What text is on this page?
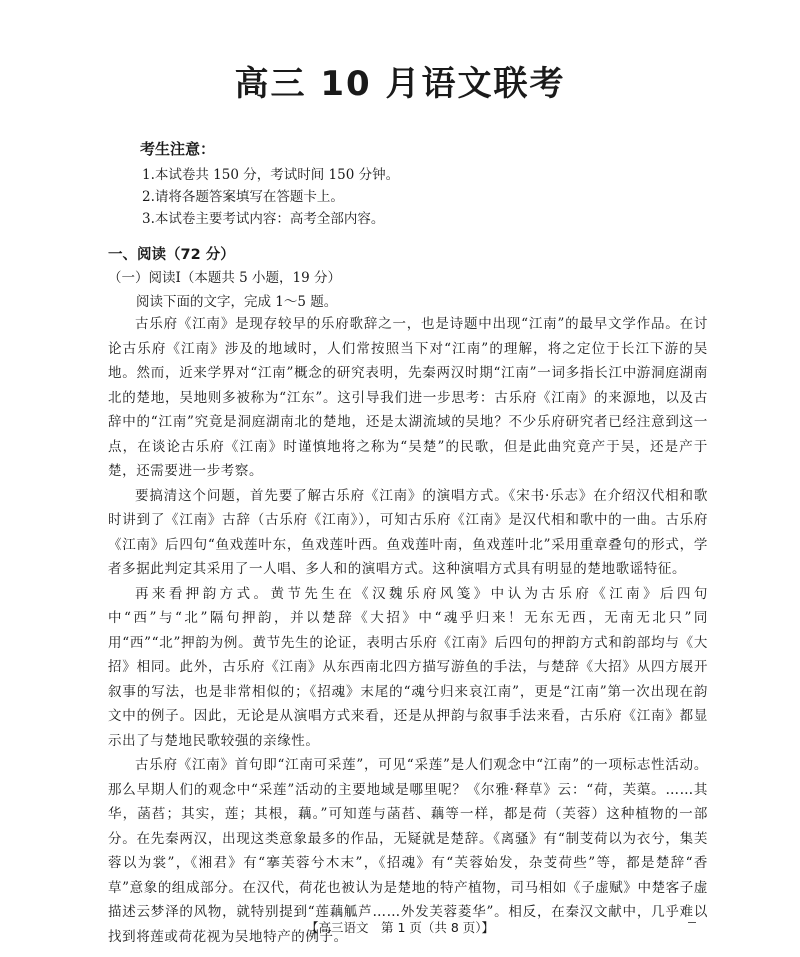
高三 10 月语文联考
考生注意：
1.本试卷共 150 分，考试时间 150 分钟。
2.请将各题答案填写在答题卡上。
3.本试卷主要考试内容：高考全部内容。
一、阅读（72 分）
（一）阅读Ⅰ（本题共 5 小题，19 分）
阅读下面的文字，完成 1～5 题。

古乐府《江南》是现存较早的乐府歌辞之一，也是诗题中出现“江南”的最早文学作品。在讨论古乐府《江南》涉及的地域时，人们常按照当下对“江南”的理解，将之定位于长江下游的吴地。然而，近来学界对“江南”概念的研究表明，先秦两汉时期“江南”一词多指长江中游洞庭湖南北的楚地，吴地则多被称为“江东”。这引导我们进一步思考：古乐府《江南》的来源地，以及古辞中的“江南”究竟是洞庭湖南北的楚地，还是太湖流域的吴地？不少乐府研究者已经注意到这一点，在谈论古乐府《江南》时谨慎地将之称为“吴楚”的民歌，但是此曲究竟产于吴，还是产于楚，还需要进一步考察。

要搞清这个问题，首先要了解古乐府《江南》的演唱方式。《宋书·乐志》在介绍汉代相和歌时讲到了《江南》古辞（古乐府《江南》），可知古乐府《江南》是汉代相和歌中的一曲。古乐府《江南》后四句“鱼戏莲叶东，鱼戏莲叶西。鱼戏莲叶南，鱼戏莲叶北”采用重章叠句的形式，学者多据此判定其采用了一人唱、多人和的演唱方式。这种演唱方式具有明显的楚地歌谣特征。

再来看押韵方式。黄节先生在《汉魏乐府风笺》中认为古乐府《江南》后四句中“西”与“北”隔句押韵，并以楚辞《大招》中“魂乎归来！无东无西，无南无北只”同用“西”“北”押韵为例。黄节先生的论证，表明古乐府《江南》后四句的押韵方式和韵部均与《大招》相同。此外，古乐府《江南》从东西南北四方描写游鱼的手法，与楚辞《大招》从四方展开叙事的写法，也是非常相似的；《招魂》末尾的“魂兮归来哀江南”，更是“江南”第一次出现在韵文中的例子。因此，无论是从演唱方式来看，还是从押韵与叙事手法来看，古乐府《江南》都显示出了与楚地民歌较强的亲缘性。

古乐府《江南》首句即“江南可采莲”，可见“采莲”是人们观念中“江南”的一项标志性活动。那么早期人们的观念中“采莲”活动的主要地域是哪里呢？《尔雅·释草》云：“荷，芙蕖。……其华，菡萏；其实，莲；其根，藕。”可知莲与菡萏、藕等一样，都是荷（芙蓉）这种植物的一部分。在先秦两汉，出现这类意象最多的作品，无疑就是楚辞。《离骚》有“制芰荷以为衣兮，集芙蓉以为裳”，《湘君》有“搴芙蓉兮木末”，《招魂》有“芙蓉始发，杂芰荷些”等，都是楚辞“香草”意象的组成部分。在汉代，荷花也被认为是楚地的特产植物，司马相如《子虚赋》中楚客子虚描述云梦泽的风物，就特别提到“莲藕觚芦……外发芙蓉菱华”。相反，在秦汉文献中，几乎难以找到将莲或荷花视为吴地特产的例子。

【高三语文　第 1 页（共 8 页）】
